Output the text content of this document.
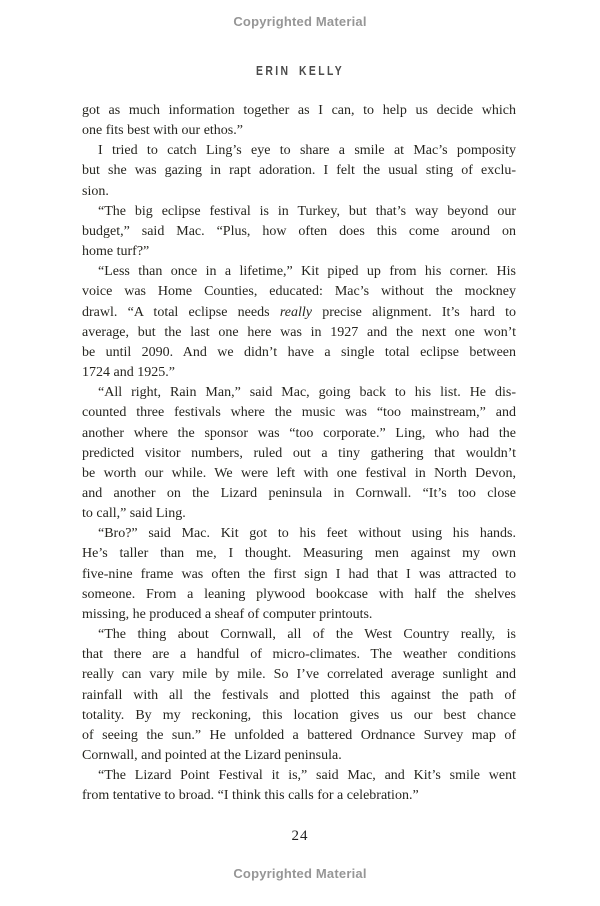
Copyrighted Material
ERIN KELLY
got as much information together as I can, to help us decide which
one fits best with our ethos.”
I tried to catch Ling’s eye to share a smile at Mac’s pomposity
but she was gazing in rapt adoration. I felt the usual sting of exclu-
sion.
“The big eclipse festival is in Turkey, but that’s way beyond our
budget,” said Mac. “Plus, how often does this come around on
home turf?”
“Less than once in a lifetime,” Kit piped up from his corner. His
voice was Home Counties, educated: Mac’s without the mockney
drawl. “A total eclipse needs really precise alignment. It’s hard to
average, but the last one here was in 1927 and the next one won’t
be until 2090. And we didn’t have a single total eclipse between
1724 and 1925.”
“All right, Rain Man,” said Mac, going back to his list. He dis-
counted three festivals where the music was “too mainstream,” and
another where the sponsor was “too corporate.” Ling, who had the
predicted visitor numbers, ruled out a tiny gathering that wouldn’t
be worth our while. We were left with one festival in North Devon,
and another on the Lizard peninsula in Cornwall. “It’s too close
to call,” said Ling.
“Bro?” said Mac. Kit got to his feet without using his hands.
He’s taller than me, I thought. Measuring men against my own
five-nine frame was often the first sign I had that I was attracted to
someone. From a leaning plywood bookcase with half the shelves
missing, he produced a sheaf of computer printouts.
“The thing about Cornwall, all of the West Country really, is
that there are a handful of micro-climates. The weather conditions
really can vary mile by mile. So I’ve correlated average sunlight and
rainfall with all the festivals and plotted this against the path of
totality. By my reckoning, this location gives us our best chance
of seeing the sun.” He unfolded a battered Ordnance Survey map of
Cornwall, and pointed at the Lizard peninsula.
“The Lizard Point Festival it is,” said Mac, and Kit’s smile went
from tentative to broad. “I think this calls for a celebration.”
24
Copyrighted Material
